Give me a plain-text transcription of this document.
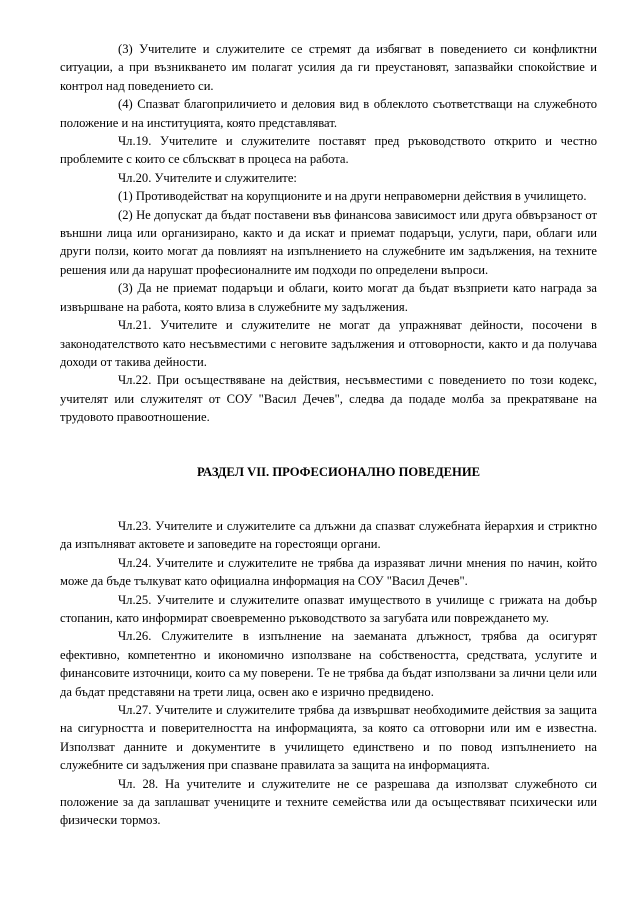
(3) Учителите и служителите се стремят да избягват в поведението си конфликтни ситуации, а при възникването им полагат усилия да ги преустановят, запазвайки спокойствие и контрол над поведението си.

(4) Спазват благоприличието и деловия вид в облеклото съответстващи на служебното положение и на институцията, която представляват.

Чл.19. Учителите и служителите поставят пред ръководството открито и честно проблемите с които се сблъскват в процеса на работа.

Чл.20. Учителите и служителите:

(1) Противодействат на корупционите и на други неправомерни действия в училището.

(2) Не допускат да бъдат поставени във финансова зависимост или друга обвързаност от външни лица или организирано, както и да искат и приемат подаръци, услуги, пари, облаги или други ползи, които могат да повлияят на изпълнението на служебните им задължения, на техните решения или да нарушат професионалните им подходи по определени въпроси.

(3) Да не приемат подаръци и облаги, които могат да бъдат възприети като награда за извършване на работа, която влиза в служебните му задължения.

Чл.21. Учителите и служителите не могат да упражняват дейности, посочени в законодателството като несъвместими с неговите задължения и отговорности, както и да получава доходи от такива дейности.

Чл.22. При осъществяване на действия, несъвместими с поведението по този кодекс, учителят или служителят от СОУ "Васил Дечев", следва да подаде молба за прекратяване на трудовото правоотношение.

РАЗДЕЛ VII. ПРОФЕСИОНАЛНО ПОВЕДЕНИЕ

Чл.23. Учителите и служителите са длъжни да спазват служебната йерархия и стриктно да изпълняват актовете и заповедите на горестоящи органи.

Чл.24. Учителите и служителите не трябва да изразяват лични мнения по начин, който може да бъде тълкуват като официална информация на СОУ "Васил Дечев".

Чл.25. Учителите и служителите опазват имуществото в училище с грижата на добър стопанин, като информират своевременно ръководството за загубата или повреждането му.

Чл.26. Служителите в изпълнение на заеманата длъжност, трябва да осигурят ефективно, компетентно и икономично използване на собствеността, средствата, услугите и финансовите източници, които са му поверени. Те не трябва да бъдат използвани за лични цели или да бъдат представяни на трети лица, освен ако е изрично предвидено.

Чл.27. Учителите и служителите трябва да извършват необходимите действия за защита на сигурността и поверителността на информацията, за която са отговорни или им е известна. Използват данните и документите в училището единствено и по повод изпълнението на служебните си задължения при спазване правилата за защита на информацията.

Чл. 28. На учителите и служителите не се разрешава да използват служебното си положение за да заплашват учениците и техните семейства или да осъществяват психически или физически тормоз.
